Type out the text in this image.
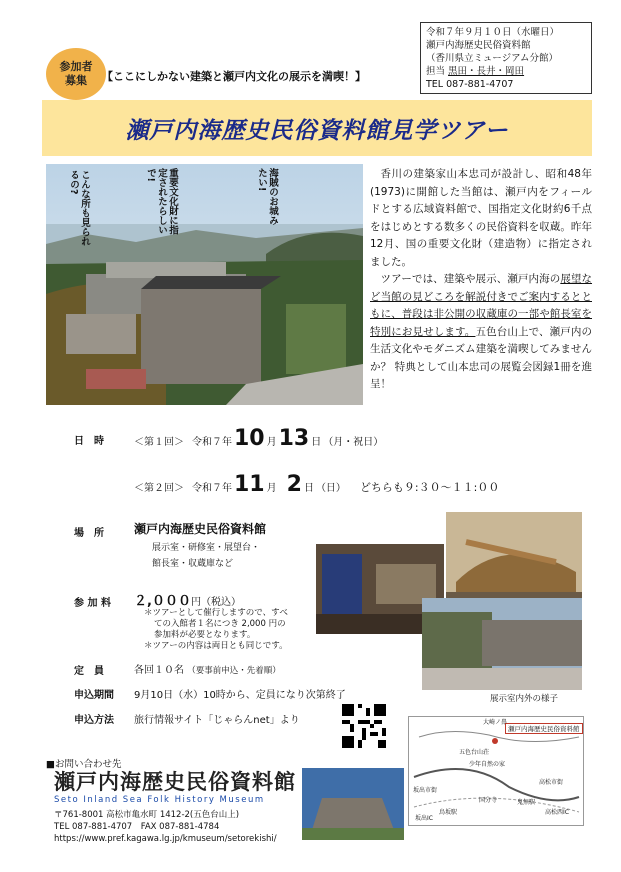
令和７年９月１０日（水曜日）
瀬戸内海歴史民俗資料館
（香川県立ミュージアム分館）
担当 黒田・長井・岡田
TEL 087-881-4707
参加者
募集 【ここにしかない建築と瀬戸内文化の展示を満喫！】
瀬戸内海歴史民俗資料館見学ツアー
こんな所も見られるの?	重要文化財に指定されたらしいで!	海賊のお城みたい!	香川の建築家山本忠司が設計し、昭和48年(1973)に開館した当館は、瀬戸内をフィールドとする広域資料館で、国指定文化財約6千点をはじめとする数多くの民俗資料を収蔵。昨年12月、国の重要文化財（建造物）に指定されました。

ツアーでは、建築や展示、瀬戸内海の展望など当館の見どころを解説付きでご案内するとともに、普段は非公開の収蔵庫の一部や館長室を特別にお見せします。五色台山上で、瀬戸内の生活文化やモダニズム建築を満喫してみませんか？ 特典として山本忠司の展覧会図録1冊を進呈！

日　時	＜第１回＞ 令和７年 10 月 13 日 （月・祝日）
＜第２回＞ 令和７年 11 月 2 日 （日） どちらも９:３０〜１１:００
場　所	瀬戸内海歴史民俗資料館
展示室・研修室・展望台・
館長室・収蔵庫など
参 加 料 ２,０００円（税込）
＊ツアーとして催行しますので、すべ
ての入館者１名につき 2,000 円の
参加料が必要となります。
＊ツアーの内容は両日とも同じです。
定　員	各回１０名 （要事前申込・先着順）
申込期間 9月10日（水）10時から、定員になり次第終了
申込方法 旅行情報サイト「じゃらんnet」より
展示室内外の様子
瀬戸内海歴史民俗資料館
大崎ノ鼻
五色台山荘
少年自然の家
高松市街
坂出市街
国分寺	鬼無駅
高松西IC
鳥坂駅
坂出IC
■お問い合わせ先
瀬戸内海歴史民俗資料館
Seto Inland Sea Folk History Museum
〒761-8001 高松市亀水町 1412-2(五色台山上)
TEL 087-881-4707　FAX 087-881-4784
https://www.pref.kagawa.lg.jp/kmuseum/setorekishi/
